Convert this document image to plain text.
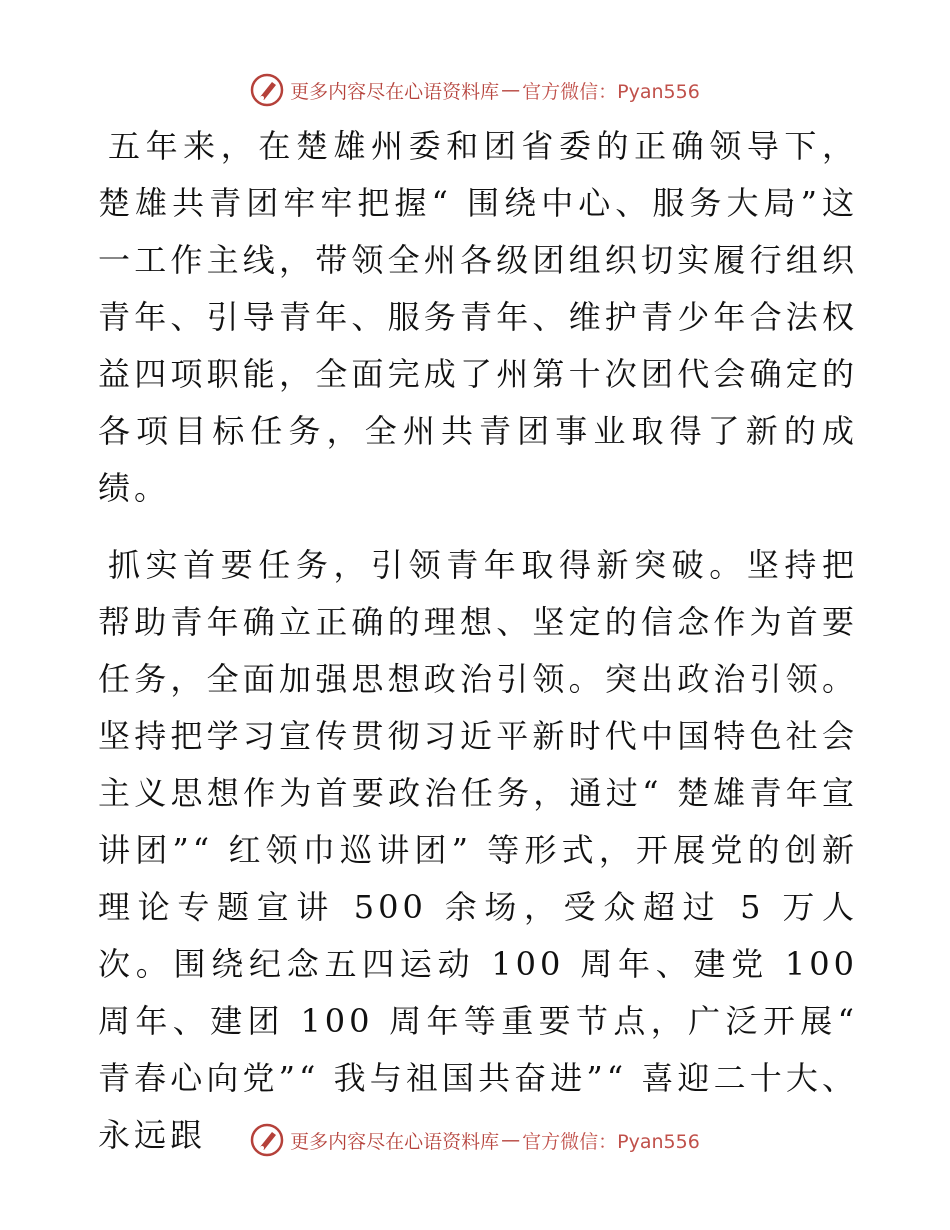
更多内容尽在心语资料库 — 官方微信：Pyan556

五年来，在楚雄州委和团省委的正确领导下，楚雄共青团牢牢把握“ 围绕中心、服务大局”这一工作主线，带领全州各级团组织切实履行组织青年、引导青年、服务青年、维护青少年合法权益四项职能，全面完成了州第十次团代会确定的各项目标任务，全州共青团事业取得了新的成绩。

抓实首要任务，引领青年取得新突破。坚持把帮助青年确立正确的理想、坚定的信念作为首要任务，全面加强思想政治引领。突出政治引领。坚持把学习宣传贯彻习近平新时代中国特色社会主义思想作为首要政治任务，通过“ 楚雄青年宣讲团”“ 红领巾巡讲团” 等形式，开展党的创新理论专题宣讲 500 余场，受众超过 5 万人次。围绕纪念五四运动 100 周年、建党 100 周年、建团 100 周年等重要节点，广泛开展“ 青春心向党”“ 我与祖国共奋进”“ 喜迎二十大、永远跟	更多内容尽在心语资料库 — 官方微信：Pyan556
